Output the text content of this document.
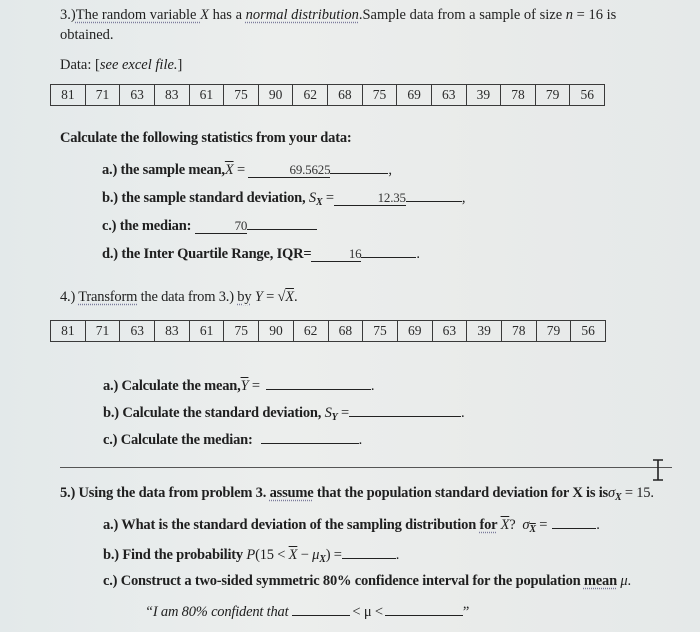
3.)The random variable X has a normal distribution.Sample data from a sample of size n = 16 is
obtained.
Data: [see excel file.]
81	71	63	83	61	75	90	62	68	75	69	63	39	78	79	56
Calculate the following statistics from your data:
a.) the sample $mean,\overline{X}$ =	69.5625	,
b.) the sample standard deviation, $S_X$ =	12.35	,
c.) the median:	70
d.) the Inter Quartile Range, IQR=	16	.
4.) Transform the data from 3.) by Y = √X.
81	71	63	83	61	75	90	62	68	75	69	63	39	78	79	56
a.) Calculate the $mean,\overline{Y}$ =	.
b.) Calculate the standard deviation, $S_Y$ =	.
c.) Calculate the median:	.
5.) Using the data from problem 3. assume that the population standard deviation for X is isσ$_X$ = 15.
a.) What is the standard deviation of the sampling distribution for $\overline{X}$? $\sigma_{\overline{X}}$ =	.
b.) Find the probability $P(15 < \overline{X} - \mu_X)$ =	.
c.) Construct a two-sided symmetric 80% confidence interval for the population mean μ.
“I am 80% confident that	< μ <	”
